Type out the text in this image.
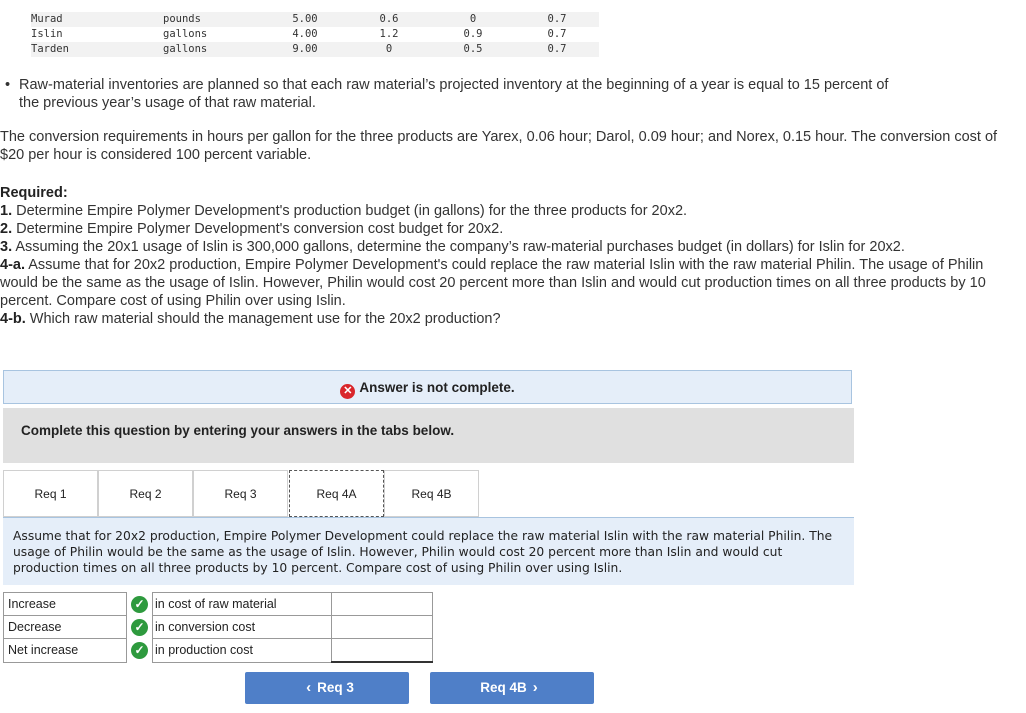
Murad	pounds	5.00	0.6	0	0.7
Islin	gallons	4.00	1.2	0.9	0.7
Tarden	gallons	9.00	0	0.5	0.7
• Raw-material inventories are planned so that each raw material’s projected inventory at the beginning of a year is equal to 15 percent of the previous year’s usage of that raw material.
The conversion requirements in hours per gallon for the three products are Yarex, 0.06 hour; Darol, 0.09 hour; and Norex, 0.15 hour. The conversion cost of $20 per hour is considered 100 percent variable.
Required:
1. Determine Empire Polymer Development's production budget (in gallons) for the three products for 20x2.
2. Determine Empire Polymer Development's conversion cost budget for 20x2.
3. Assuming the 20x1 usage of Islin is 300,000 gallons, determine the company’s raw-material purchases budget (in dollars) for Islin for 20x2.
4-a. Assume that for 20x2 production, Empire Polymer Development's could replace the raw material Islin with the raw material Philin. The usage of Philin would be the same as the usage of Islin. However, Philin would cost 20 percent more than Islin and would cut production times on all three products by 10 percent. Compare cost of using Philin over using Islin.
4-b. Which raw material should the management use for the 20x2 production?
✕ Answer is not complete.
Complete this question by entering your answers in the tabs below.
Req 1	Req 2	Req 3	Req 4A	Req 4B
Assume that for 20x2 production, Empire Polymer Development could replace the raw material Islin with the raw material Philin. The usage of Philin would be the same as the usage of Islin. However, Philin would cost 20 percent more than Islin and would cut production times on all three products by 10 percent. Compare cost of using Philin over using Islin.
Increase	✓	in cost of raw material	
Decrease	✓	in conversion cost	
Net increase	✓	in production cost	
‹ Req 3	Req 4B ›
